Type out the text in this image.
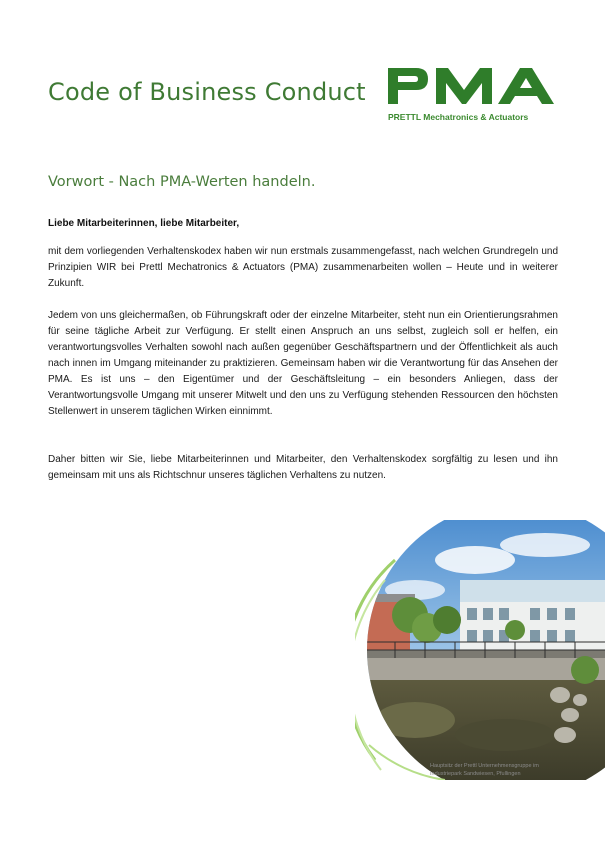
Code of Business Conduct
PRETTL Mechatronics & Actuators
Vorwort - Nach PMA-Werten handeln.
Liebe Mitarbeiterinnen, liebe Mitarbeiter,
mit dem vorliegenden Verhaltenskodex haben wir nun erstmals zusammengefasst, nach welchen Grundregeln und Prinzipien WIR bei Prettl Mechatronics & Actuators (PMA) zusammenarbeiten wollen – Heute und in weiterer Zukunft.
Jedem von uns gleichermaßen, ob Führungskraft oder der einzelne Mitarbeiter, steht nun ein Orientierungsrahmen für seine tägliche Arbeit zur Verfügung. Er stellt einen Anspruch an uns selbst, zugleich soll er helfen, ein verantwortungsvolles Verhalten sowohl nach außen gegenüber Geschäftspartnern und der Öffentlichkeit als auch nach innen im Umgang miteinander zu praktizieren. Gemeinsam haben wir die Verantwortung für das Ansehen der PMA. Es ist uns – den Eigentümer und der Geschäftsleitung – ein besonders Anliegen, dass der Verantwortungsvolle Umgang mit unserer Mitwelt und den uns zu Verfügung stehenden Ressourcen den höchsten Stellenwert in unserem täglichen Wirken einnimmt.
Daher bitten wir Sie, liebe Mitarbeiterinnen und Mitarbeiter, den Verhaltenskodex sorgfältig zu lesen und ihn gemeinsam mit uns als Richtschnur unseres täglichen Verhaltens zu nutzen.
Hauptsitz der Prettl Unternehmensgruppe im Industriepark Sandwiesen, Pfullingen
